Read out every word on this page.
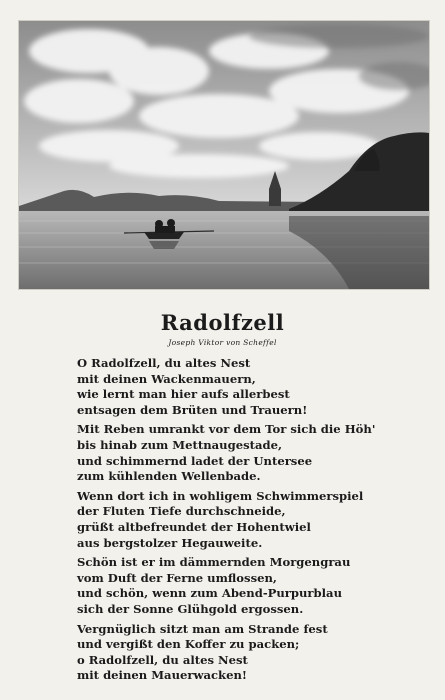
Radolfzell
Joseph Viktor von Scheffel
O Radolfzell, du altes Nest
mit deinen Wackenmauern,
wie lernt man hier aufs allerbest
entsagen dem Brüten und Trauern!
Mit Reben umrankt vor dem Tor sich die Höh'
bis hinab zum Mettnaugestade,
und schimmernd ladet der Untersee
zum kühlenden Wellenbade.
Wenn dort ich in wohligem Schwimmerspiel
der Fluten Tiefe durchschneide,
grüßt altbefreundet der Hohentwiel
aus bergstolzer Hegauweite.
Schön ist er im dämmernden Morgengrau
vom Duft der Ferne umflossen,
und schön, wenn zum Abend-Purpurblau
sich der Sonne Glühgold ergossen.
Vergnüglich sitzt man am Strande fest
und vergißt den Koffer zu packen;
o Radolfzell, du altes Nest
mit deinen Mauerwacken!
